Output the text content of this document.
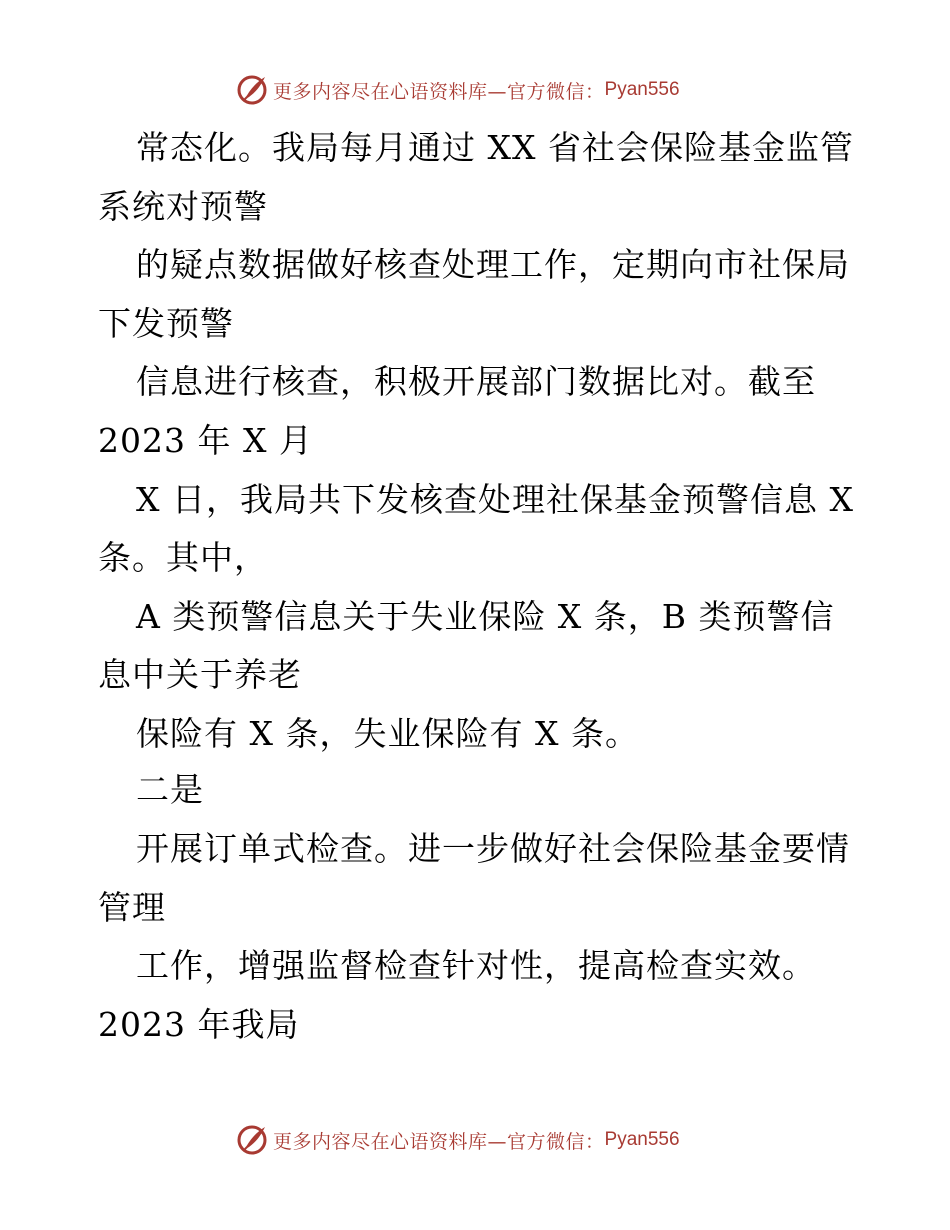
更多内容尽在心语资料库—官方微信： Pyan556
常态化。我局每月通过 XX 省社会保险基金监管
系统对预警
的疑点数据做好核查处理工作，定期向市社保局
下发预警
信息进行核查，积极开展部门数据比对。截至
2023 年 X 月
X 日，我局共下发核查处理社保基金预警信息 X
条。其中，
A 类预警信息关于失业保险 X 条，B 类预警信
息中关于养老
保险有 X 条，失业保险有 X 条。
二是
开展订单式检查。进一步做好社会保险基金要情
管理
工作，增强监督检查针对性，提高检查实效。
2023 年我局
更多内容尽在心语资料库—官方微信： Pyan556
